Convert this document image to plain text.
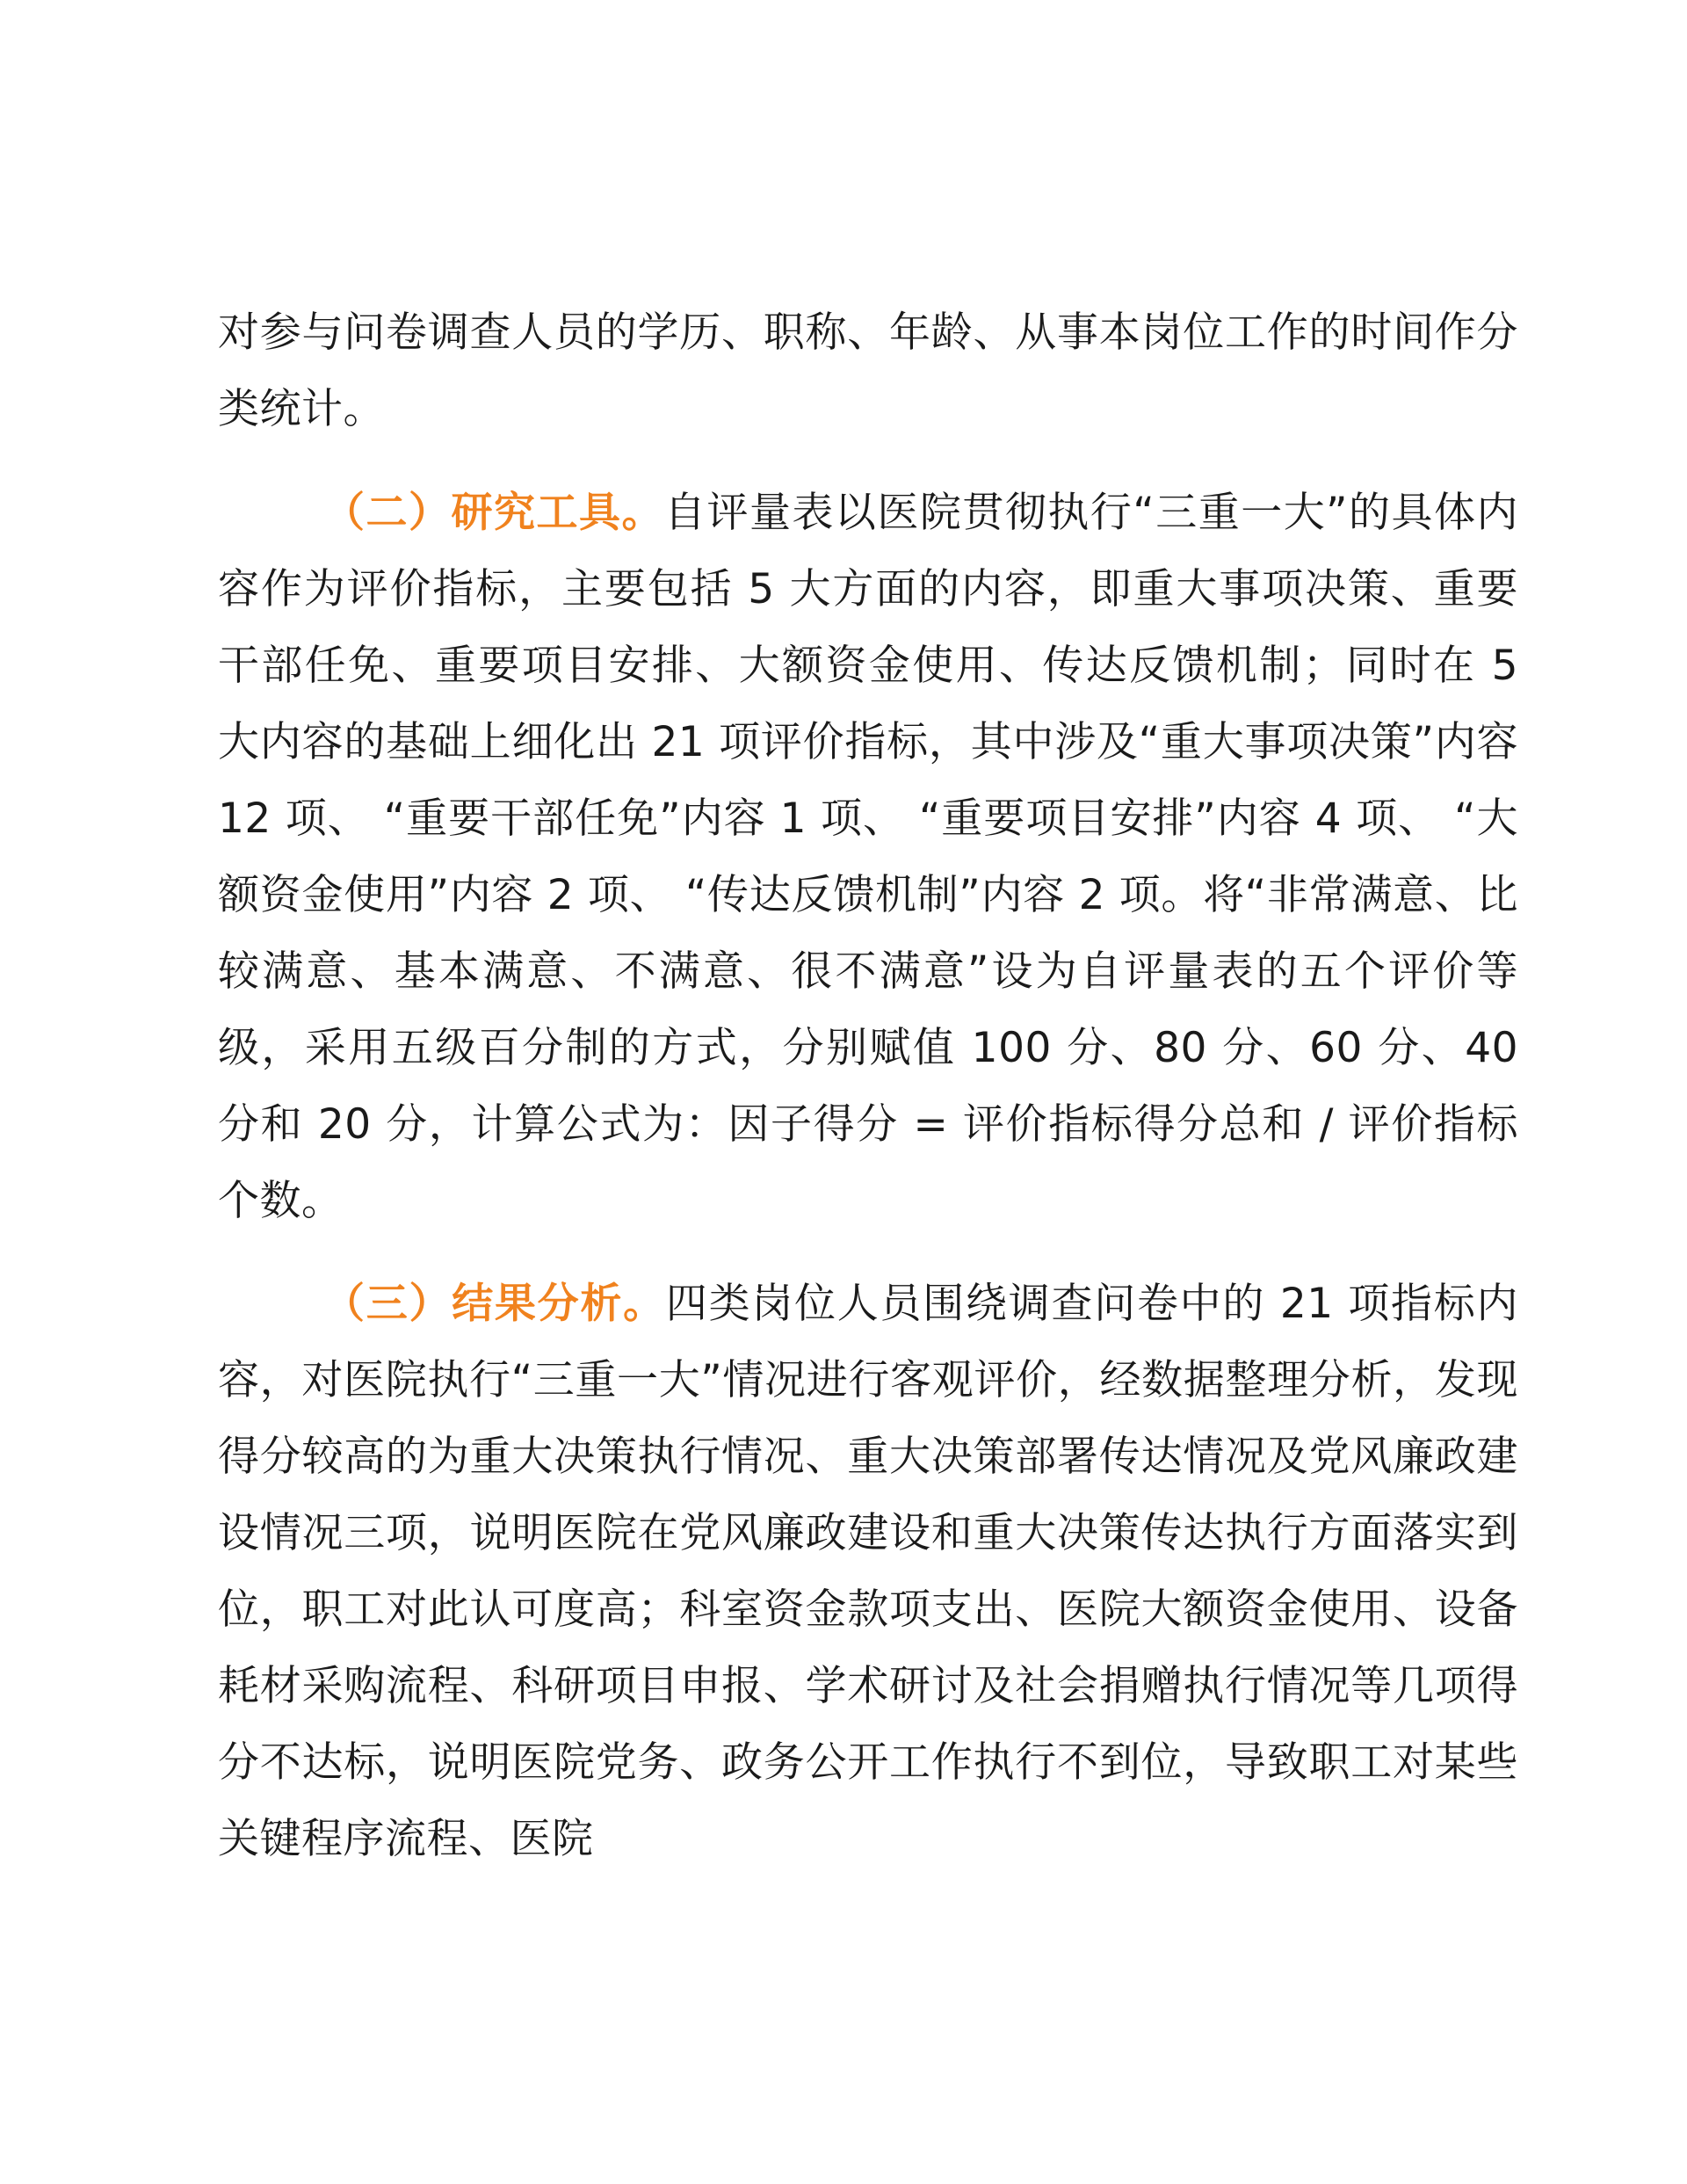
对参与问卷调查人员的学历、职称、年龄、从事本岗位工作的时间作分类统计。

（二）研究工具。自评量表以医院贯彻执行“三重一大”的具体内容作为评价指标，主要包括 5 大方面的内容，即重大事项决策、重要干部任免、重要项目安排、大额资金使用、传达反馈机制；同时在 5 大内容的基础上细化出 21 项评价指标，其中涉及“重大事项决策”内容 12 项、 “重要干部任免”内容 1 项、 “重要项目安排”内容 4 项、 “大额资金使用”内容 2 项、 “传达反馈机制”内容 2 项。将“非常满意、比较满意、基本满意、不满意、很不满意”设为自评量表的五个评价等级，采用五级百分制的方式，分别赋值 100 分、80 分、60 分、40 分和 20 分，计算公式为：因子得分 = 评价指标得分总和 / 评价指标个数。

（三）结果分析。四类岗位人员围绕调查问卷中的 21 项指标内容，对医院执行“三重一大”情况进行客观评价，经数据整理分析，发现得分较高的为重大决策执行情况、重大决策部署传达情况及党风廉政建设情况三项，说明医院在党风廉政建设和重大决策传达执行方面落实到位，职工对此认可度高；科室资金款项支出、医院大额资金使用、设备耗材采购流程、科研项目申报、学术研讨及社会捐赠执行情况等几项得分不达标，说明医院党务、政务公开工作执行不到位，导致职工对某些关键程序流程、医院
